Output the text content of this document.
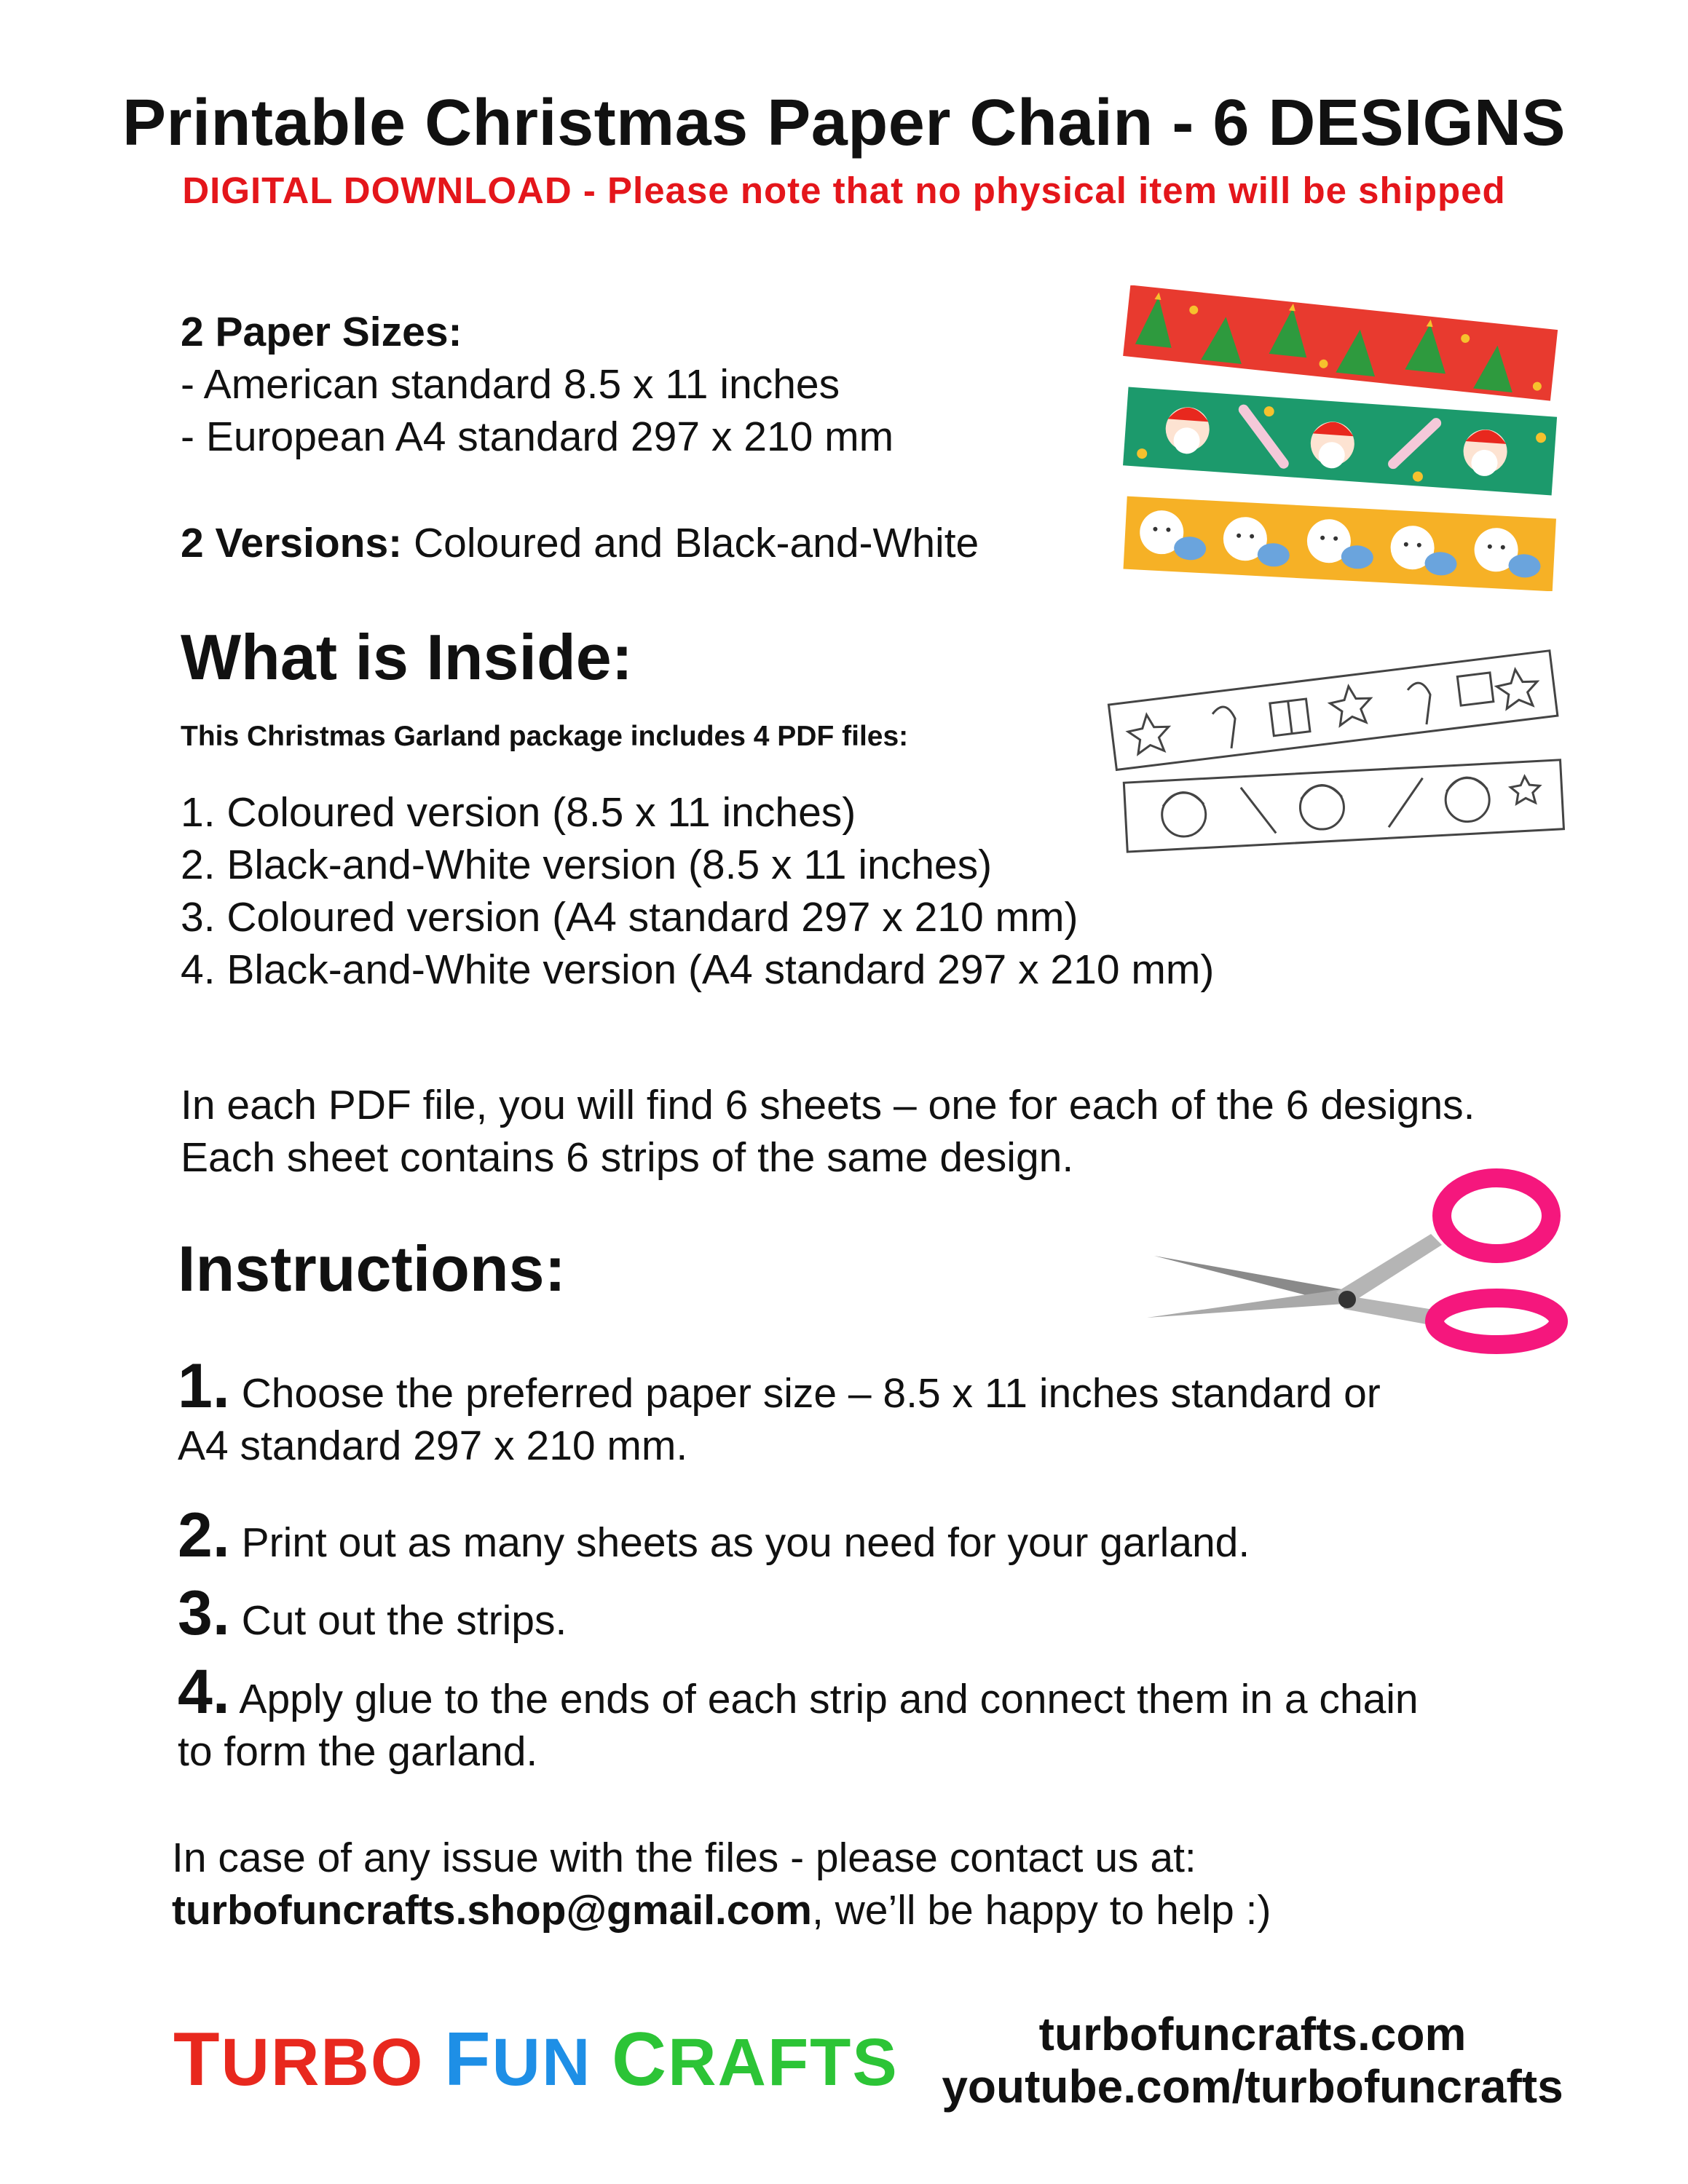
Printable Christmas Paper Chain - 6 DESIGNS
DIGITAL DOWNLOAD - Please note that no physical item will be shipped
2 Paper Sizes:
- American standard 8.5 x 11 inches
- European A4 standard 297 x 210 mm
2 Versions: Coloured and Black-and-White
What is Inside:
This Christmas Garland package includes 4 PDF files:
1. Coloured version (8.5 x 11 inches)
2. Black-and-White version (8.5 x 11 inches)
3. Coloured version (A4 standard 297 x 210 mm)
4. Black-and-White version (A4 standard 297 x 210 mm)
In each PDF file, you will find 6 sheets – one for each of the 6 designs.
Each sheet contains 6 strips of the same design.
Instructions:
1. Choose the preferred paper size – 8.5 x 11 inches standard or
A4 standard 297 x 210 mm.
2. Print out as many sheets as you need for your garland.
3. Cut out the strips.
4. Apply glue to the ends of each strip and connect them in a chain
to form the garland.
In case of any issue with the files - please contact us at:
turbofuncrafts.shop@gmail.com, we’ll be happy to help :)
TURBO FUN CRAFTS	turbofuncrafts.com
youtube.com/turbofuncrafts
